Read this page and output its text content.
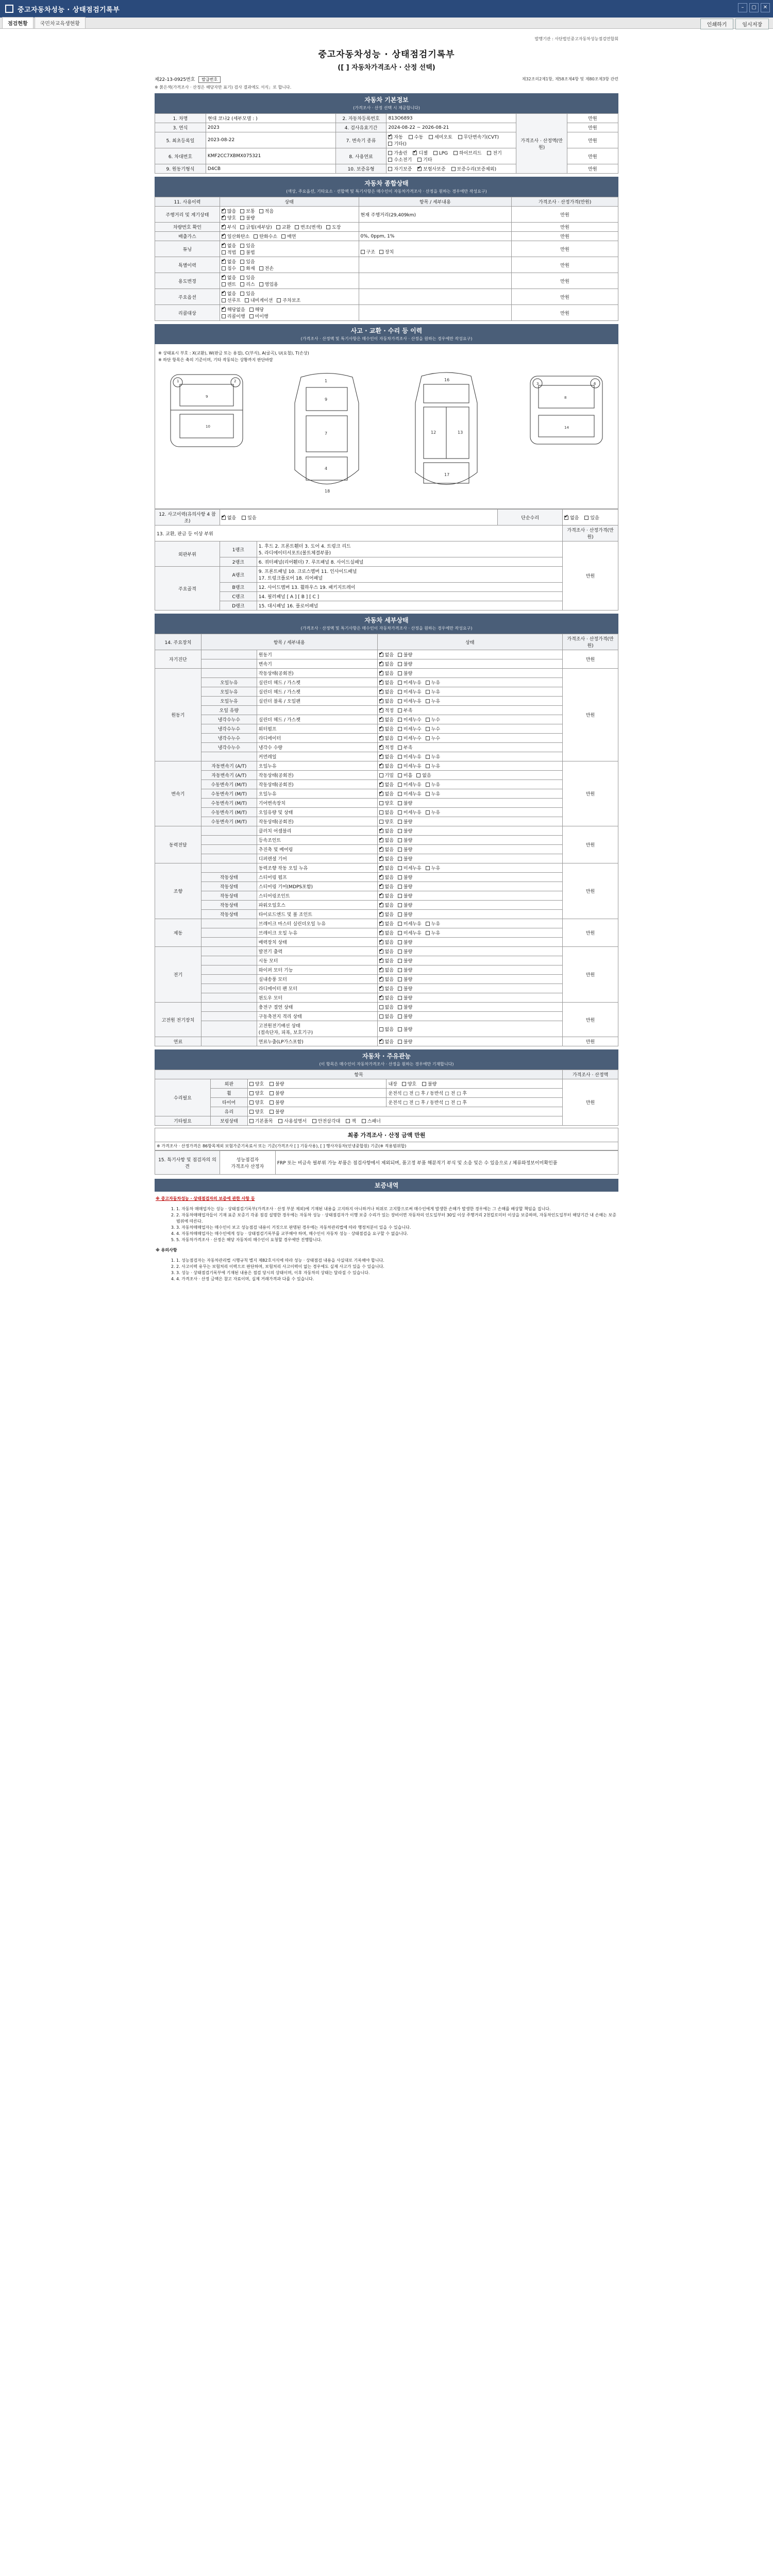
중고자동차성능 · 상태점검기록부	–	▢	✕
점검현황	국민차교육생현황	인쇄하기	임시저장
발행기관 : 사단법인중고자동차성능점검연합회
중고자동차성능 · 상태점검기록부
([ ] 자동차가격조사 · 산정 선택)
제22-13-0925번호 발급번호	제32조의2제1항, 제58조제4항 및 제80조제3항 관련
※ 붉은색(가격조사 · 산정은 해당자만 표기) 검사 결과에도 서식」로 합니다.
자동차 기본정보
(가격조사 · 산정 선택 시 제공합니다)
1. 차명	현대 코나2 (세부모델 : )	2. 자동차등록번호	813O6893	가격조사 · 산정액(만원)	만원
3. 연식	2023	4. 검사유효기간	2024-08-22 ~ 2026-08-21		만원
5. 최초등록일	2023-08-22	7. 변속기 종류	✔자동 수동 세미오토 무단변속기(CVT) 기타()		만원
6. 차대번호	KMF2CC7XBMX075321	8. 사용연료	가솔린 ✔ 디젤 LPG 하이브리드 전기 수소전기 기타		만원
9. 원동기형식	D4CB	10. 보증유형	자기보증 ✔ 보험사보증 보증수리(보증제외)		만원
자동차 종합상태
(색상, 주요옵션, 기타요소 · 선합액 및 특기사항은 매수인이 자동차가격조사 · 산정을 원하는 경우에만 작성요구)
11. 사용이력	상태	항목 / 세부내용	가격조사 · 산정가격(만원)
주행거리 및 계기상태	✔많음 보통 적음
✔양호 불량	현재 주행거리(29,409km)	만원
차량번호 확인	✔부식 긁힘(세부담) 교환 변조(변색) 도장		만원
배출가스	✔일산화탄소 탄화수소 매연	0%, 0ppm, 1%	만원
튜닝	✔없음 있음
적법 불법	구조 장치	만원
특별이력	✔없음 있음
침수 화재 전손		만원
용도변경	✔없음 있음
렌트 리스 영업용		만원
주요옵션	✔없음 있음
선루프 내비게이션 주차보조		만원
리콜대상	✔해당없음 해당
리콜이행 미이행		만원
사고 · 교환 · 수리 등 이력
(가격조사 · 산정액 및 특기사항은 매수인이 자동차가격조사 · 산정을 원하는 경우에만 작성요구)
※ 상태표시 부호 : X(교환), W(판금 또는 용접), C(부식), A(굴곡), U(요철), T(손상)
※ 하단 항목은 축의 기준이며, 기타 작동되는 상황까지 판단바람
1	2
9
10
1
9
7
4
18
16
12	13
17
3	6
8
14
12. 사고이력(유의사항 4 참조)	✔없음 있음		단순수리	✔없음 있음
13. 교환, 판금 등 이상 부위				가격조사 · 산정가격(만원)
외판부위	1랭크	1. 후드 2. 프론트휀더 3. 도어 4. 트렁크 리드
5. 라디에이터서포트(볼트체결부품)		만원
	2랭크	6. 쿼터패널(리어휀더) 7. 루프패널 8. 사이드실패널		
주요골격	A랭크	9. 프론트패널 10. 크로스멤버 11. 인사이드패널
17. 트렁크플로어 18. 리어패널		
	B랭크	12. 사이드멤버 13. 휠하우스 19. 패키지트레이		
	C랭크	14. 필러패널 [ A ] [ B ] [ C ]		
	D랭크	15. 대시패널 16. 플로어패널		
자동차 세부상태
(가격조사 · 산정액 및 특기사항은 매수인이 자동차가격조사 · 산정을 원하는 경우에만 작성요구)
14. 주요장치	항목 / 세부내용		상태	가격조사 · 산정가격(만원)
자기진단		원동기	✔없음 불량	만원
		변속기	✔없음 불량
원동기		작동상태(공회전)	✔없음 불량	만원
	오일누유	실린더 헤드 / 가스켓	✔없음 미세누유 누유
	오일누유	실린더 헤드 / 가스켓	✔없음 미세누유 누유
	오일누유	실린더 블록 / 오일팬	✔없음 미세누유 누유
	오일 유량		✔적정 부족
	냉각수누수	실린더 헤드 / 가스켓	✔없음 미세누수 누수
	냉각수누수	워터펌프	✔없음 미세누수 누수
	냉각수누수	라디에이터	✔없음 미세누수 누수
	냉각수누수	냉각수 수량	✔적정 부족
		커먼레일	✔없음 미세누유 누유
변속기	자동변속기 (A/T)	오일누유	✔없음 미세누유 누유	만원
	자동변속기 (A/T)	작동상태(공회전)	기밀 미흡 없음	
	수동변속기 (M/T)	작동상태(공회전)	✔없음 미세누유 누유
	수동변속기 (M/T)	오일누유	✔없음 미세누유 누유
	수동변속기 (M/T)	기어변속장치	양호 불량	
	수동변속기 (M/T)	오일유량 및 상태	없음 미세누유 누유	
	수동변속기 (M/T)	작동상태(공회전)	양호 불량	
동력전달		클러치 어셈블리	✔없음 불량	만원
		등속조인트	✔없음 불량
		추진축 및 베어링	✔없음 불량
		디퍼렌셜 기어	✔없음 불량
조향		동력조향 작동 오일 누유	✔없음 미세누유 누유	만원
	작동상태	스티어링 펌프	✔없음 불량
	작동상태	스티어링 기어(MDPS포함)	✔없음 불량
	작동상태	스티어링조인트	✔없음 불량
	작동상태	파워오일호스	✔없음 불량
	작동상태	타이로드엔드 및 볼 조인트	✔없음 불량
제동		브레이크 마스터 실린더오일 누유	✔없음 미세누유 누유	만원
		브레이크 오일 누유	✔없음 미세누유 누유
		배력장치 상태	✔없음 불량
전기		발전기 출력	✔없음 불량	만원
		시동 모터	✔없음 불량
		와이퍼 모터 기능	✔없음 불량
		실내송풍 모터	✔없음 불량
		라디에이터 팬 모터	✔없음 불량
		윈도우 모터	✔없음 불량
고전원 전기장치		충전구 절연 상태	없음 불량	만원
		구동축전지 격리 상태	없음 불량	
		고전원전기배선 상태
(접속단자, 피복, 보호기구)	없음 불량	
연료		연료누출(LP가스포함)	✔없음 불량	만원
자동차 · 주유관능
(이 항목은 매수인이 자동차가격조사 · 산정을 원하는 경우에만 기재합니다)
항목				가격조사 · 산정액
수리필요	외판	양호 불량	내장 양호 불량	만원
	휠	양호 불량	운전석 □ 전 □ 후 / 동반석 □ 전 □ 후	
	타이어	양호 불량	운전석 □ 전 □ 후 / 동반석 □ 전 □ 후	
	유리	양호 불량		
기타필요	보링상태	기본품목 사용설명서 안전삼각대 잭 스패너		
최종 가격조사 · 산정 금액 만원
※ 가격조사 · 산정가격은 86항목제외 보험가준기록료서 또는 기준(가격조사 [ ] 기둥사용), [ ] 행사자동차(인냉중합원) 기준(※ 적용범위합)
15. 특기사항 및 점검자의 의견	
성능점검자
가격조사 산정자
	FRP 또는 비금속 필부위 가능 부품은 점검사항에서 제외되며, 품고정 부품 해분적기 부식 및 소음 및은 수 있음으로 / 체류와정보이미확인품
보증내역
※ 중고자동차성능 · 상태점검자의 보증에 관한 사항 등
1. 1. 자동차 매매업자는 성능 · 상태점검기록부(가격조사 · 산정 부분 제외)에 기재된 내용을 고지하지 아니하거나 허위로 고지함으로써 매수인에게 발생한 손해가 발생한 경우에는 그 손해를 배상할 책임을 집니다.
2. 2. 자동차매매업자들이 기재 표준 보증기 각종 점검 설명한 경우에는 자동차 성능 · 상태점검자가 이행 보증 수리가 있는 장비이면 자동차의 인도일부터 30일 이상 주행거리 2천킬로미터 이상을 보증하며, 자동차인도일부터 해당기간 내 손해는 보증범위에 따른다.
3. 3. 자동차매매업자는 매수인이 보고 성능점검 내용이 거짓으로 판명된 경우에는 자동차관리법에 따라 행정처분이 있을 수 있습니다.
4. 4. 자동차매매업자는 매수인에게 성능 · 상태점검기록부를 교부해야 하며, 매수인이 자동차 성능 · 상태점검을 요구할 수 없습니다.
5. 5. 자동차가격조사 · 산정은 해당 자동차의 매수인이 요청할 경우에만 진행합니다.
※ 유의사항
1. 1. 성능점검자는 자동차관리법 시행규칙 별지 제82호서식에 따라 성능 · 상태점검 내용을 사실대로 기록해야 합니다.
2. 2. 사고이력 유무는 보험처리 이력으로 판단하며, 보험처리 사고이력이 없는 경우에도 실제 사고가 있을 수 있습니다.
3. 3. 성능 · 상태점검기록부에 기재된 내용은 점검 당시의 상태이며, 이후 자동차의 상태는 달라질 수 있습니다.
4. 4. 가격조사 · 산정 금액은 참고 자료이며, 실제 거래가격과 다를 수 있습니다.
